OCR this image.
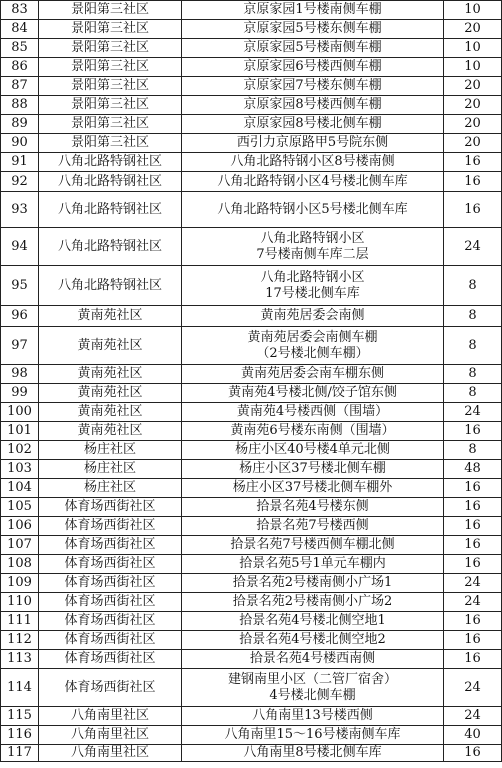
83	景阳第三社区	京原家园1号楼南侧车棚	10
84	景阳第三社区	京原家园5号楼东侧车棚	20
85	景阳第三社区	京原家园5号楼南侧车棚	10
86	景阳第三社区	京原家园6号楼西侧车棚	10
87	景阳第三社区	京原家园7号楼东侧车棚	20
88	景阳第三社区	京原家园8号楼西侧车棚	20
89	景阳第三社区	京原家园8号楼北侧车棚	20
90	景阳第三社区	西引力京原路甲5号院东侧	20
91	八角北路特钢社区	八角北路特钢小区8号楼南侧	16
92	八角北路特钢社区	八角北路特钢小区4号楼北侧车库	16
93	八角北路特钢社区	八角北路特钢小区5号楼北侧车库	16
94	八角北路特钢社区	八角北路特钢小区
7号楼南侧车库二层	24
95	八角北路特钢社区	八角北路特钢小区
17号楼北侧车库	8
96	黄南苑社区	黄南苑居委会南侧	8
97	黄南苑社区	黄南苑居委会南侧车棚
（2号楼北侧车棚）	8
98	黄南苑社区	黄南苑居委会南车棚东侧	8
99	黄南苑社区	黄南苑4号楼北侧/饺子馆东侧	8
100	黄南苑社区	黄南苑4号楼西侧（围墙）	24
101	黄南苑社区	黄南苑6号楼东南侧（围墙）	16
102	杨庄社区	杨庄小区40号楼4单元北侧	8
103	杨庄社区	杨庄小区37号楼北侧车棚	48
104	杨庄社区	杨庄小区37号楼北侧车棚外	16
105	体育场西街社区	拾景名苑4号楼东侧	16
106	体育场西街社区	拾景名苑7号楼西侧	16
107	体育场西街社区	拾景名苑7号楼西侧车棚北侧	16
108	体育场西街社区	拾景名苑5号1单元车棚内	16
109	体育场西街社区	拾景名苑2号楼南侧小广场1	24
110	体育场西街社区	拾景名苑2号楼南侧小广场2	24
111	体育场西街社区	拾景名苑4号楼北侧空地1	16
112	体育场西街社区	拾景名苑4号楼北侧空地2	16
113	体育场西街社区	拾景名苑4号楼西南侧	16
114	体育场西街社区	建钢南里小区（二管厂宿舍）
4号楼北侧车棚	24
115	八角南里社区	八角南里13号楼西侧	24
116	八角南里社区	八角南里15～16号楼南侧车库	40
117	八角南里社区	八角南里8号楼北侧车库	16
